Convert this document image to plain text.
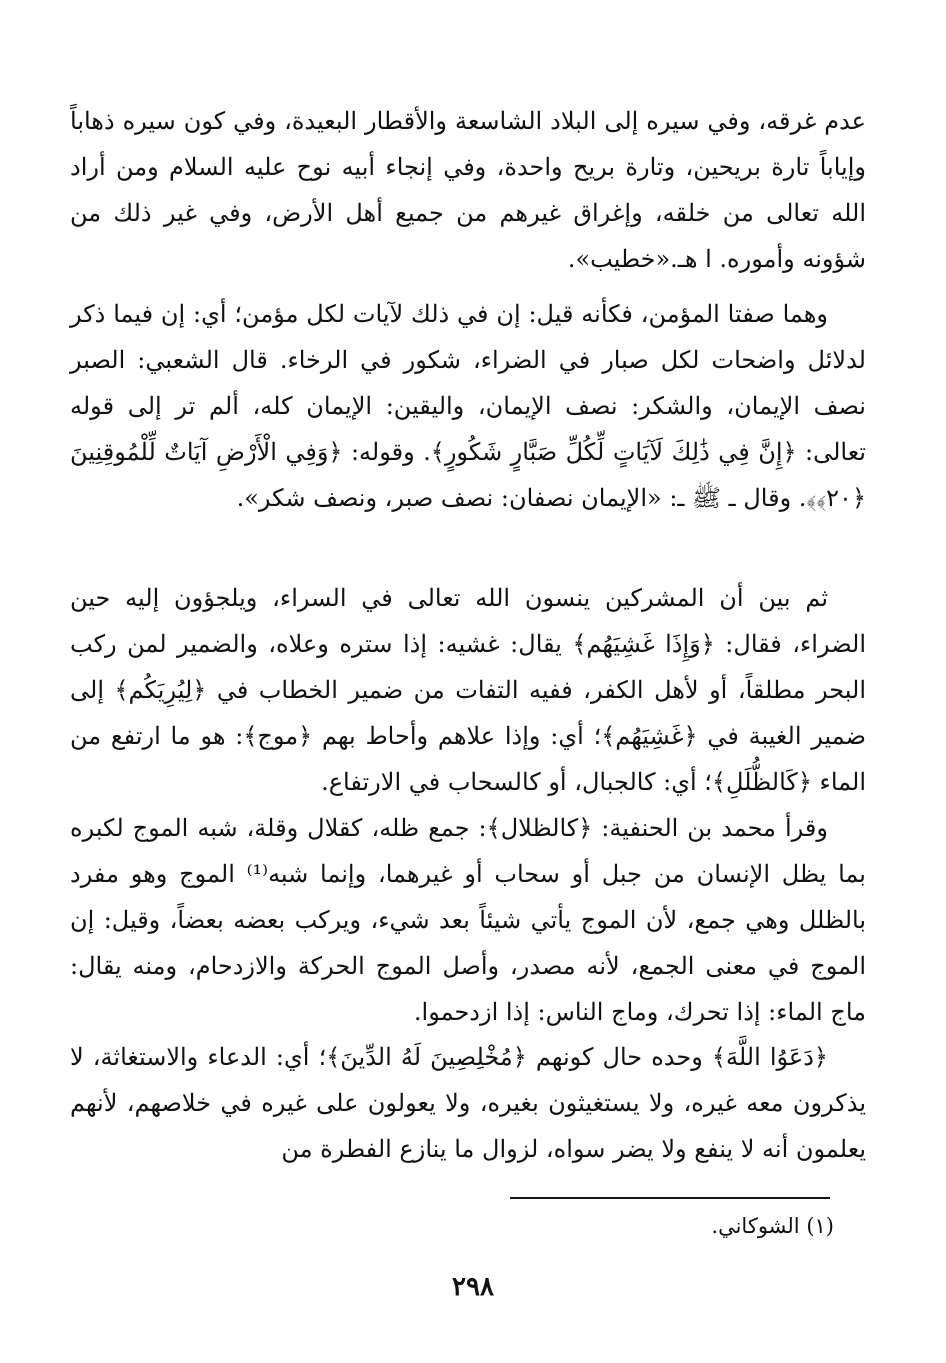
عدم غرقه، وفي سيره إلى البلاد الشاسعة والأقطار البعيدة، وفي كون سيره ذهاباً وإياباً تارة بريحين، وتارة بريح واحدة، وفي إنجاء أبيه نوح عليه السلام ومن أراد الله تعالى من خلقه، وإغراق غيرهم من جميع أهل الأرض، وفي غير ذلك من شؤونه وأموره. ا هـ.«خطيب».

وهما صفتا المؤمن، فكأنه قيل: إن في ذلك لآيات لكل مؤمن؛ أي: إن فيما ذكر لدلائل واضحات لكل صبار في الضراء، شكور في الرخاء. قال الشعبي: الصبر نصف الإيمان، والشكر: نصف الإيمان، واليقين: الإيمان كله، ألم تر إلى قوله تعالى: ﴿إِنَّ فِي ذَٰلِكَ لَآيَاتٍ لِّكُلِّ صَبَّارٍ شَكُورٍ﴾. وقوله: ﴿وَفِي الْأَرْضِ آيَاتٌ لِّلْمُوقِنِينَ ﴿٢٠﴾﴾. وقال ـ ﷺ ـ: «الإيمان نصفان: نصف صبر، ونصف شكر».

ثم بين أن المشركين ينسون الله تعالى في السراء، ويلجؤون إليه حين الضراء، فقال: ﴿وَإِذَا غَشِيَهُم﴾ يقال: غشيه: إذا ستره وعلاه، والضمير لمن ركب البحر مطلقاً، أو لأهل الكفر، ففيه التفات من ضمير الخطاب في ﴿لِيُرِيَكُم﴾ إلى ضمير الغيبة في ﴿غَشِيَهُم﴾؛ أي: وإذا علاهم وأحاط بهم ﴿موج﴾: هو ما ارتفع من الماء ﴿كَالظُّلَلِ﴾؛ أي: كالجبال، أو كالسحاب في الارتفاع.

وقرأ محمد بن الحنفية: ﴿كالظلال﴾: جمع ظله، كقلال وقلة، شبه الموج لكبره بما يظل الإنسان من جبل أو سحاب أو غيرهما، وإنما شبه⁽¹⁾ الموج وهو مفرد بالظلل وهي جمع، لأن الموج يأتي شيئاً بعد شيء، ويركب بعضه بعضاً، وقيل: إن الموج في معنى الجمع، لأنه مصدر، وأصل الموج الحركة والازدحام، ومنه يقال: ماج الماء: إذا تحرك، وماج الناس: إذا ازدحموا.

﴿دَعَوُا اللَّهَ﴾ وحده حال كونهم ﴿مُخْلِصِينَ لَهُ الدِّينَ﴾؛ أي: الدعاء والاستغاثة، لا يذكرون معه غيره، ولا يستغيثون بغيره، ولا يعولون على غيره في خلاصهم، لأنهم يعلمون أنه لا ينفع ولا يضر سواه، لزوال ما ينازع الفطرة من

(١) الشوكاني.
٢٩٨
